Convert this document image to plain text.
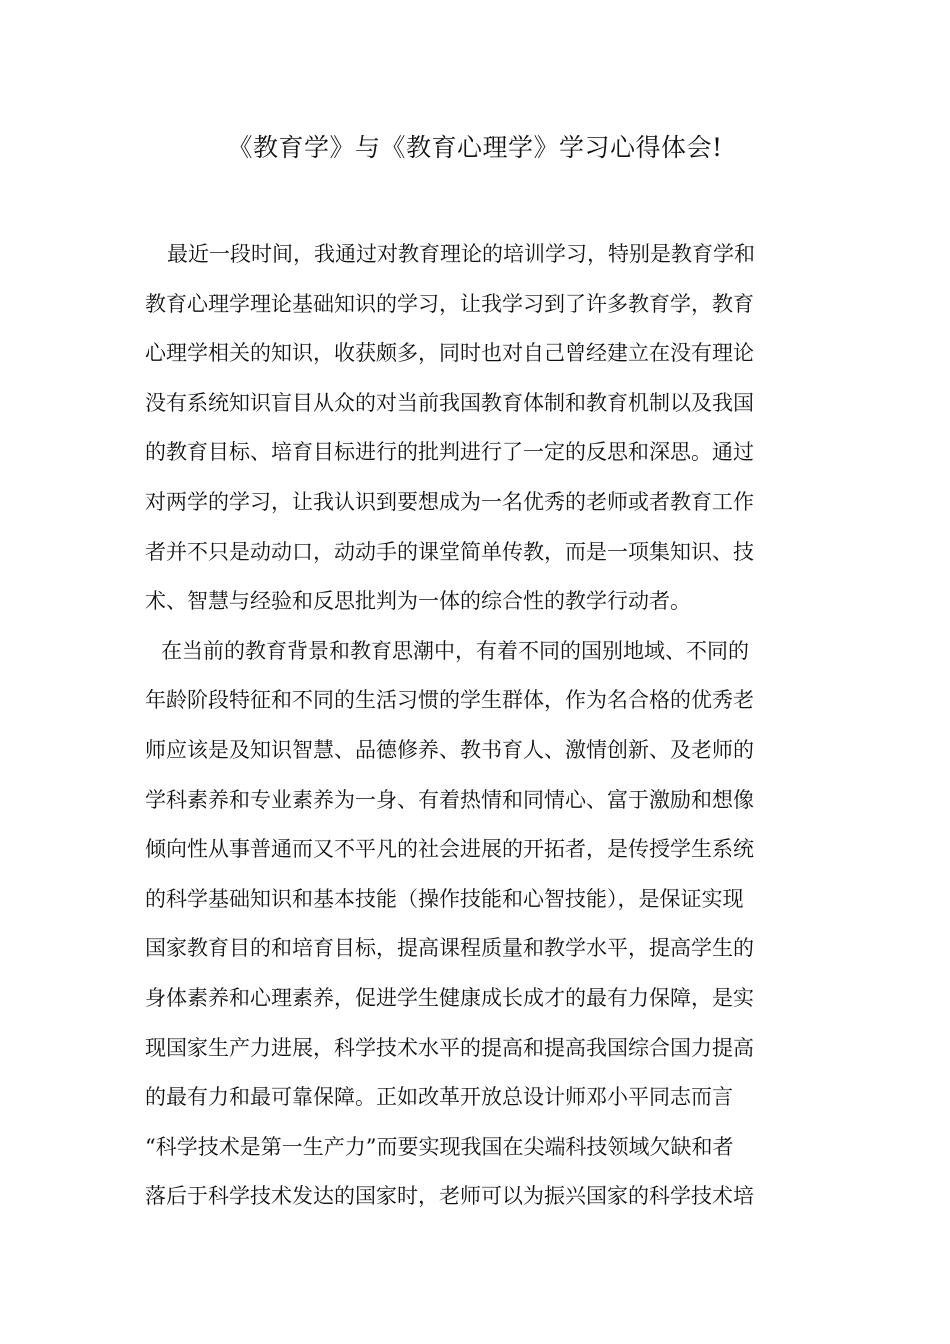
《教育学》与《教育心理学》学习心得体会!
最近一段时间，我通过对教育理论的培训学习，特别是教育学和
教育心理学理论基础知识的学习，让我学习到了许多教育学，教育
心理学相关的知识，收获颇多，同时也对自己曾经建立在没有理论
没有系统知识盲目从众的对当前我国教育体制和教育机制以及我国
的教育目标、培育目标进行的批判进行了一定的反思和深思。通过
对两学的学习，让我认识到要想成为一名优秀的老师或者教育工作
者并不只是动动口，动动手的课堂简单传教，而是一项集知识、技
术、智慧与经验和反思批判为一体的综合性的教学行动者。
在当前的教育背景和教育思潮中，有着不同的国别地域、不同的
年龄阶段特征和不同的生活习惯的学生群体，作为名合格的优秀老
师应该是及知识智慧、品德修养、教书育人、激情创新、及老师的
学科素养和专业素养为一身、有着热情和同情心、富于激励和想像
倾向性从事普通而又不平凡的社会进展的开拓者，是传授学生系统
的科学基础知识和基本技能（操作技能和心智技能），是保证实现
国家教育目的和培育目标，提高课程质量和教学水平，提高学生的
身体素养和心理素养，促进学生健康成长成才的最有力保障，是实
现国家生产力进展，科学技术水平的提高和提高我国综合国力提高
的最有力和最可靠保障。正如改革开放总设计师邓小平同志而言
“科学技术是第一生产力”而要实现我国在尖端科技领域欠缺和者
落后于科学技术发达的国家时，老师可以为振兴国家的科学技术培
